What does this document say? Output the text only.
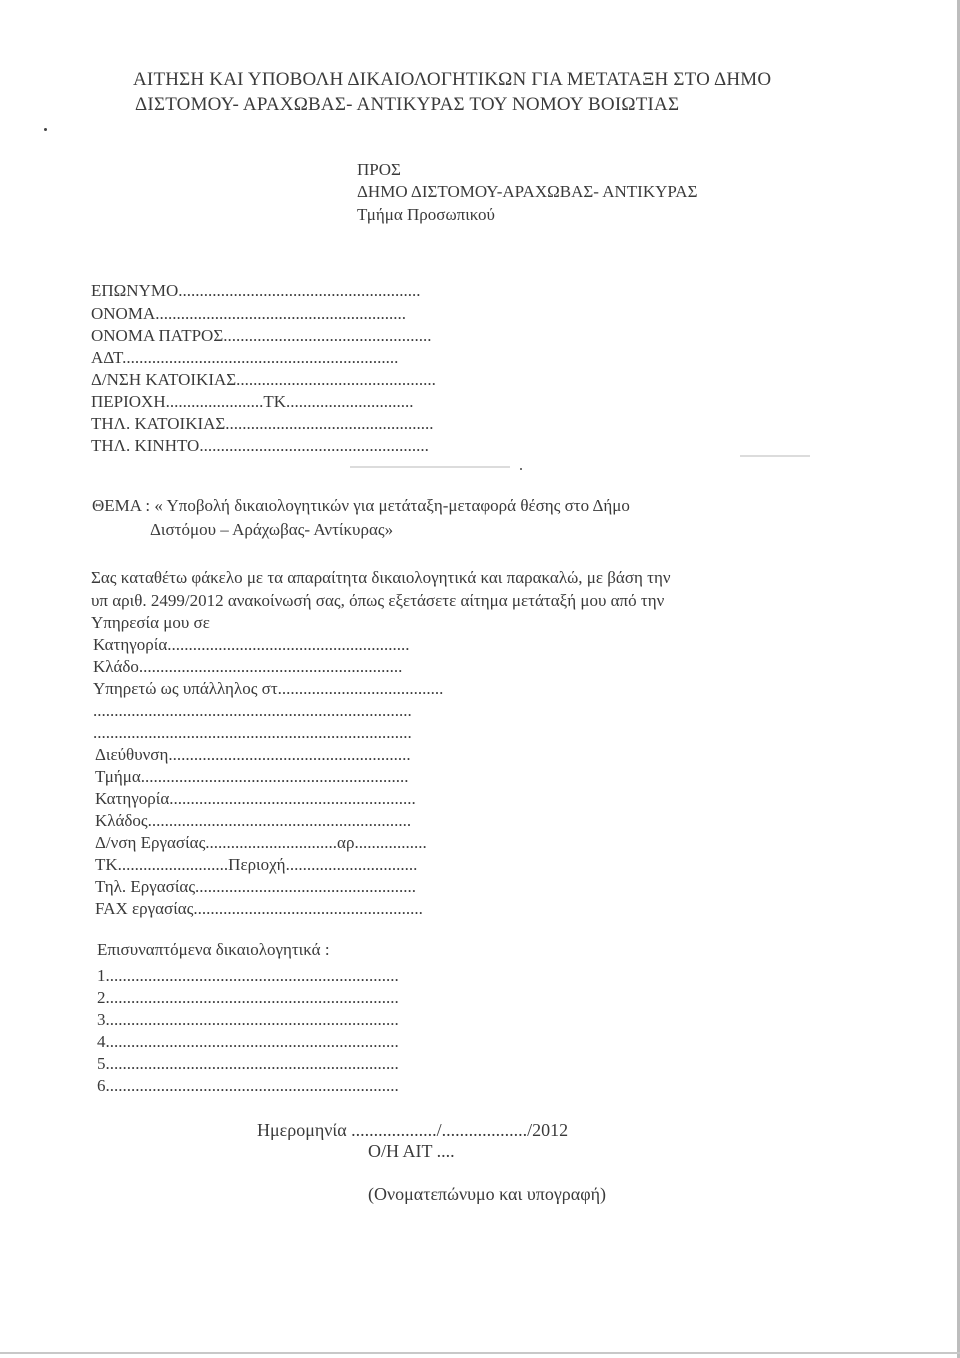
ΑΙΤΗΣΗ ΚΑΙ ΥΠΟΒΟΛΗ ΔΙΚΑΙΟΛΟΓΗΤΙΚΩΝ ΓΙΑ ΜΕΤΑΤΑΞΗ ΣΤΟ ΔΗΜΟ
ΔΙΣΤΟΜΟΥ- ΑΡΑΧΩΒΑΣ- ΑΝΤΙΚΥΡΑΣ ΤΟΥ ΝΟΜΟΥ ΒΟΙΩΤΙΑΣ
ΠΡΟΣ
ΔΗΜΟ ΔΙΣΤΟΜΟΥ-ΑΡΑΧΩΒΑΣ- ΑΝΤΙΚΥΡΑΣ
Τμήμα Προσωπικού
ΕΠΩΝΥΜΟ.........................................................
ΟΝΟΜΑ...........................................................
ΟΝΟΜΑ ΠΑΤΡΟΣ.................................................
ΑΔΤ.................................................................
Δ/ΝΣΗ ΚΑΤΟΙΚΙΑΣ...............................................
ΠΕΡΙΟΧΗ.......................ΤΚ..............................
ΤΗΛ. ΚΑΤΟΙΚΙΑΣ.................................................
ΤΗΛ. ΚΙΝΗΤΟ......................................................
ΘΕΜΑ : « Υποβολή δικαιολογητικών για μετάταξη-μεταφορά θέσης στο Δήμο
Διστόμου – Αράχωβας- Αντίκυρας»
Σας καταθέτω φάκελο με τα απαραίτητα δικαιολογητικά και παρακαλώ, με βάση την
υπ αριθ. 2499/2012 ανακοίνωσή σας, όπως εξετάσετε αίτημα μετάταξή μου από την
Υπηρεσία μου σε
Κατηγορία.........................................................
Κλάδο..............................................................
Υπηρετώ ως υπάλληλος στ.......................................
...........................................................................
...........................................................................
Διεύθυνση.........................................................
Τμήμα...............................................................
Κατηγορία..........................................................
Κλάδος..............................................................
Δ/νση Εργασίας...............................αρ.................
ΤΚ..........................Περιοχή...............................
Τηλ. Εργασίας....................................................
FAX εργασίας......................................................
Επισυναπτόμενα δικαιολογητικά :
1.....................................................................
2.....................................................................
3.....................................................................
4.....................................................................
5.....................................................................
6.....................................................................
Ημερομηνία .................../.................../2012
Ο/Η ΑΙΤ ....
(Ονοματεπώνυμο και υπογραφή)
